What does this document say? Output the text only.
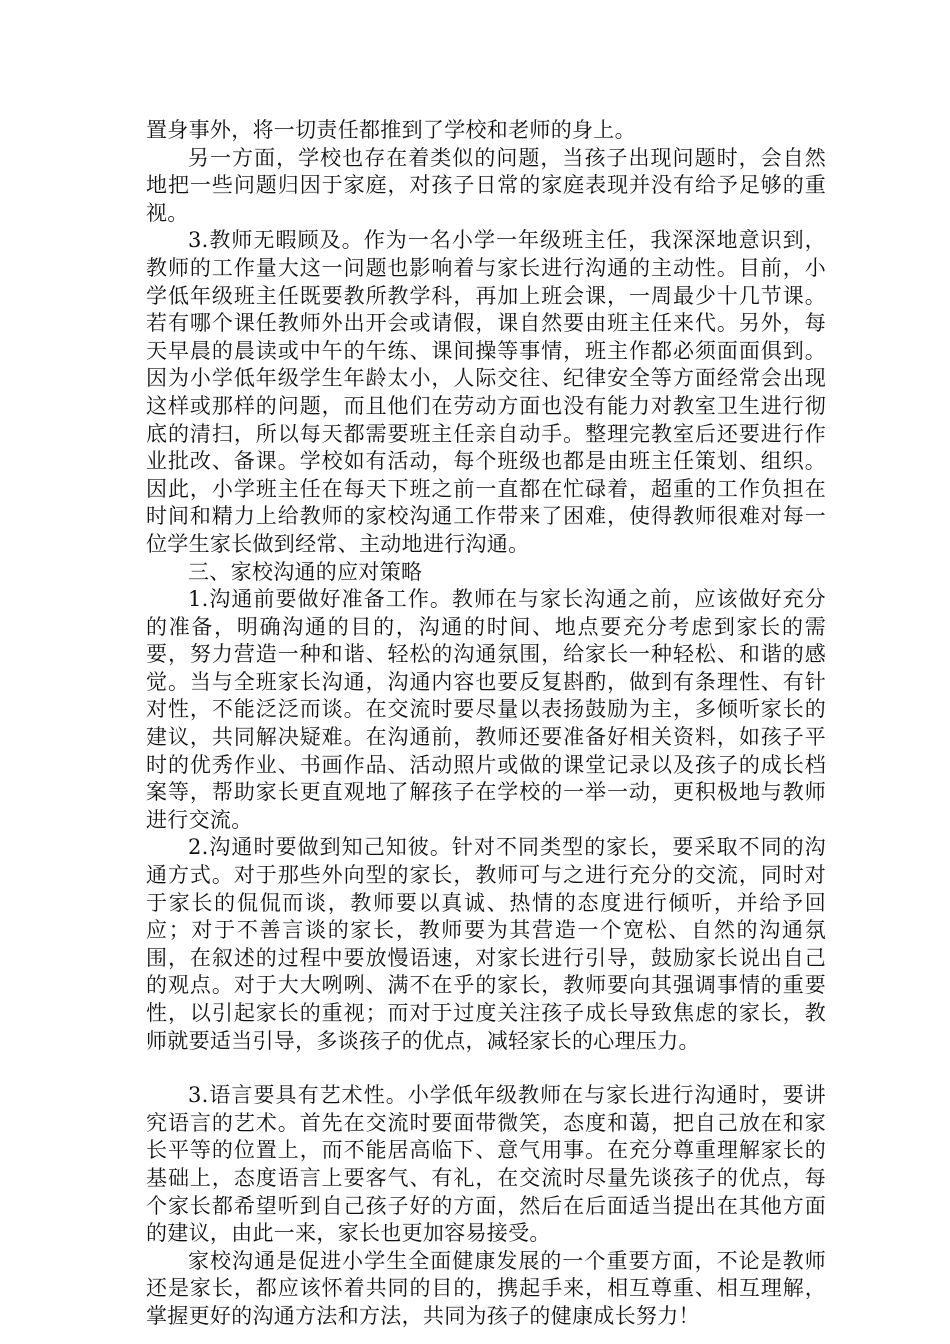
置身事外，将一切责任都推到了学校和老师的身上。

另一方面，学校也存在着类似的问题，当孩子出现问题时，会自然地把一些问题归因于家庭，对孩子日常的家庭表现并没有给予足够的重视。

3.教师无暇顾及。作为一名小学一年级班主任，我深深地意识到，教师的工作量大这一问题也影响着与家长进行沟通的主动性。目前，小学低年级班主任既要教所教学科，再加上班会课，一周最少十几节课。若有哪个课任教师外出开会或请假，课自然要由班主任来代。另外，每天早晨的晨读或中午的午练、课间操等事情，班主作都必须面面俱到。因为小学低年级学生年龄太小，人际交往、纪律安全等方面经常会出现这样或那样的问题，而且他们在劳动方面也没有能力对教室卫生进行彻底的清扫，所以每天都需要班主任亲自动手。整理完教室后还要进行作业批改、备课。学校如有活动，每个班级也都是由班主任策划、组织。因此，小学班主任在每天下班之前一直都在忙碌着，超重的工作负担在时间和精力上给教师的家校沟通工作带来了困难，使得教师很难对每一位学生家长做到经常、主动地进行沟通。

三、家校沟通的应对策略

1.沟通前要做好准备工作。教师在与家长沟通之前，应该做好充分的准备，明确沟通的目的，沟通的时间、地点要充分考虑到家长的需要，努力营造一种和谐、轻松的沟通氛围，给家长一种轻松、和谐的感觉。当与全班家长沟通，沟通内容也要反复斟酌，做到有条理性、有针对性，不能泛泛而谈。在交流时要尽量以表扬鼓励为主，多倾听家长的建议，共同解决疑难。在沟通前，教师还要准备好相关资料，如孩子平时的优秀作业、书画作品、活动照片或做的课堂记录以及孩子的成长档案等，帮助家长更直观地了解孩子在学校的一举一动，更积极地与教师进行交流。

2.沟通时要做到知己知彼。针对不同类型的家长，要采取不同的沟通方式。对于那些外向型的家长，教师可与之进行充分的交流，同时对于家长的侃侃而谈，教师要以真诚、热情的态度进行倾听，并给予回应；对于不善言谈的家长，教师要为其营造一个宽松、自然的沟通氛围，在叙述的过程中要放慢语速，对家长进行引导，鼓励家长说出自己的观点。对于大大咧咧、满不在乎的家长，教师要向其强调事情的重要性，以引起家长的重视；而对于过度关注孩子成长导致焦虑的家长，教师就要适当引导，多谈孩子的优点，减轻家长的心理压力。

3.语言要具有艺术性。小学低年级教师在与家长进行沟通时，要讲究语言的艺术。首先在交流时要面带微笑，态度和蔼，把自己放在和家长平等的位置上，而不能居高临下、意气用事。在充分尊重理解家长的基础上，态度语言上要客气、有礼，在交流时尽量先谈孩子的优点，每个家长都希望听到自己孩子好的方面，然后在后面适当提出在其他方面的建议，由此一来，家长也更加容易接受。

家校沟通是促进小学生全面健康发展的一个重要方面，不论是教师还是家长，都应该怀着共同的目的，携起手来，相互尊重、相互理解，掌握更好的沟通方法和方法，共同为孩子的健康成长努力！
